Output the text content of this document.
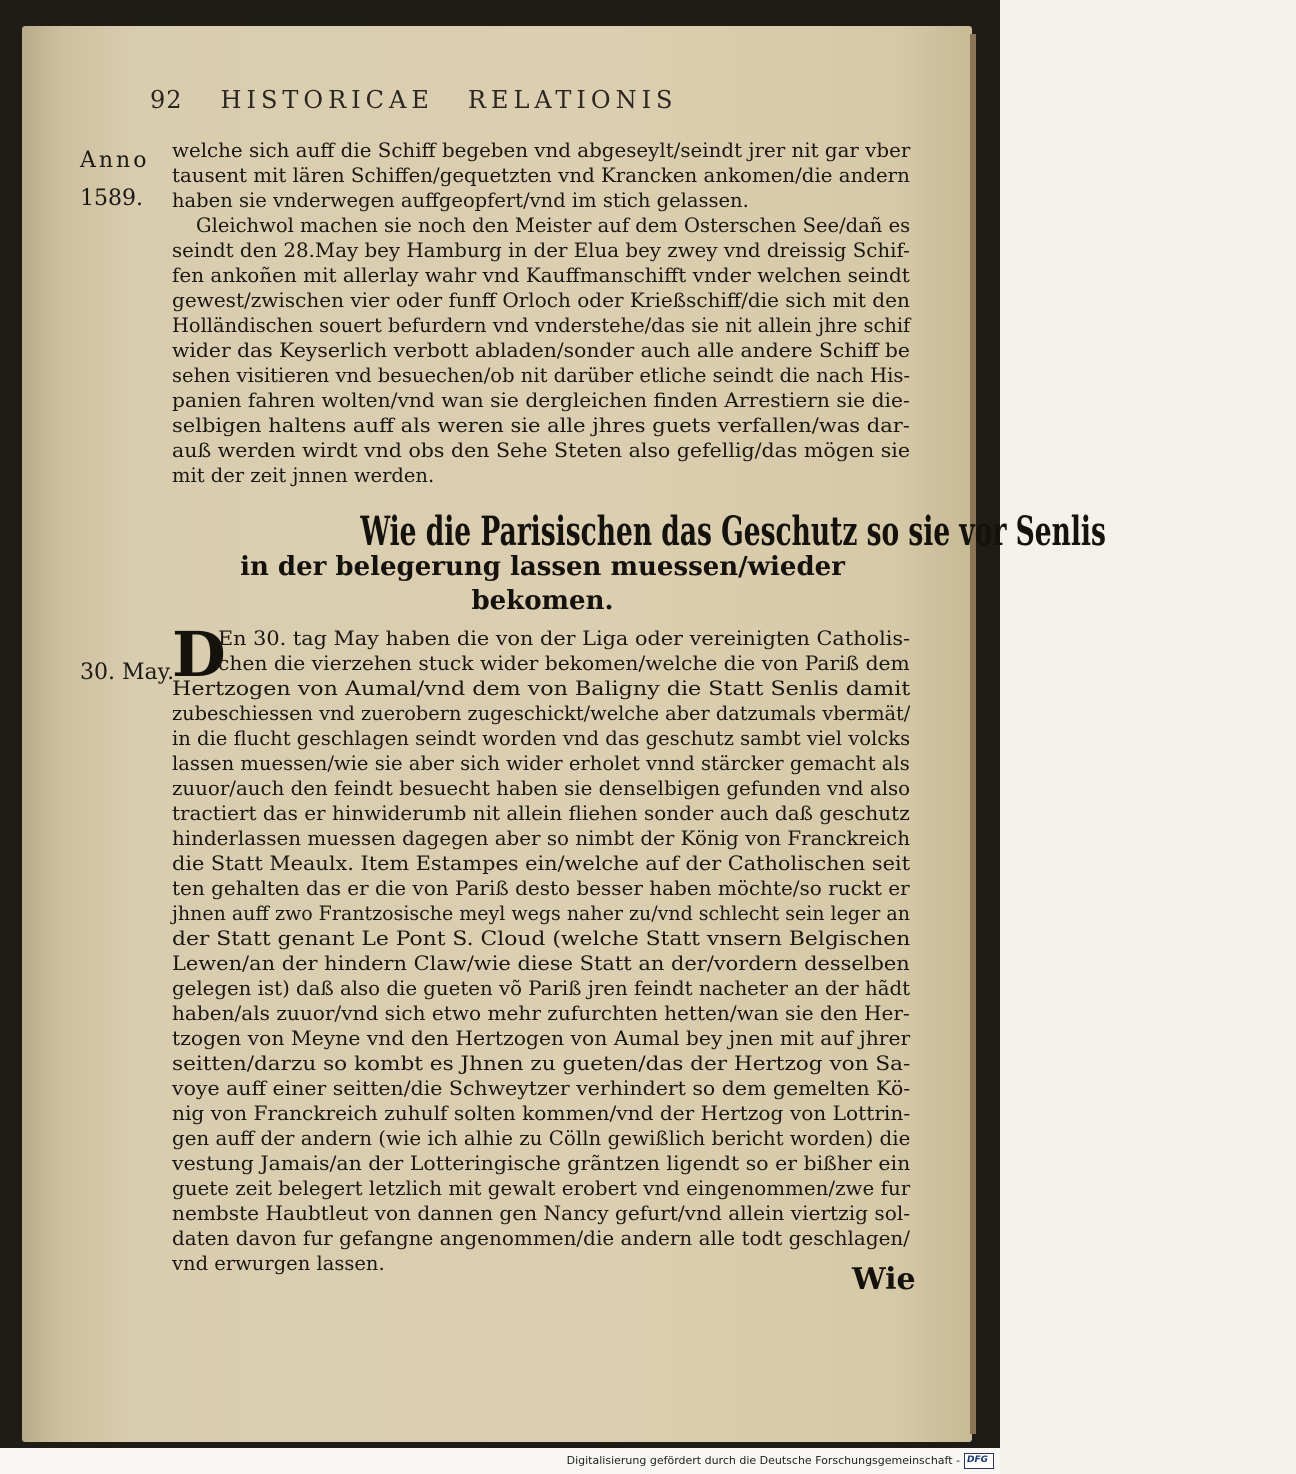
92 HISTORICAE RELATIONIS
Anno
1589.
30. May.
welche sich auff die Schiff begeben vnd abgeseylt/seindt jrer nit gar vber
tausent mit lären Schiffen/gequetzten vnd Krancken ankomen/die andern
haben sie vnderwegen auffgeopfert/vnd im stich gelassen.
Gleichwol machen sie noch den Meister auf dem Osterschen See/dañ es
seindt den 28.May bey Hamburg in der Elua bey zwey vnd dreissig Schif-
fen ankoñen mit allerlay wahr vnd Kauffmanschifft vnder welchen seindt
gewest/zwischen vier oder funff Orloch oder Krießschiff/die sich mit den
Holländischen souert befurdern vnd vnderstehe/das sie nit allein jhre schif
wider das Keyserlich verbott abladen/sonder auch alle andere Schiff be
sehen visitieren vnd besuechen/ob nit darüber etliche seindt die nach His-
panien fahren wolten/vnd wan sie dergleichen finden Arrestiern sie die-
selbigen haltens auff als weren sie alle jhres guets verfallen/was dar-
auß werden wirdt vnd obs den Sehe Steten also gefellig/das mögen sie
mit der zeit jnnen werden.
Wie die Parisischen das Geschutz so sie vor Senlis
in der belegerung lassen muessen/wieder
bekomen.
D
En 30. tag May haben die von der Liga oder vereinigten Catholis-
chen die vierzehen stuck wider bekomen/welche die von Pariß dem
Hertzogen von Aumal/vnd dem von Baligny die Statt Senlis damit
zubeschiessen vnd zuerobern zugeschickt/welche aber datzumals vbermät/
in die flucht geschlagen seindt worden vnd das geschutz sambt viel volcks
lassen muessen/wie sie aber sich wider erholet vnnd stärcker gemacht als
zuuor/auch den feindt besuecht haben sie denselbigen gefunden vnd also
tractiert das er hinwiderumb nit allein fliehen sonder auch daß geschutz
hinderlassen muessen dagegen aber so nimbt der König von Franckreich
die Statt Meaulx. Item Estampes ein/welche auf der Catholischen seit
ten gehalten das er die von Pariß desto besser haben möchte/so ruckt er
jhnen auff zwo Frantzosische meyl wegs naher zu/vnd schlecht sein leger an
der Statt genant Le Pont S. Cloud (welche Statt vnsern Belgischen
Lewen/an der hindern Claw/wie diese Statt an der/vordern desselben
gelegen ist) daß also die gueten võ Pariß jren feindt nacheter an der hãdt
haben/als zuuor/vnd sich etwo mehr zufurchten hetten/wan sie den Her-
tzogen von Meyne vnd den Hertzogen von Aumal bey jnen mit auf jhrer
seitten/darzu so kombt es Jhnen zu gueten/das der Hertzog von Sa-
voye auff einer seitten/die Schweytzer verhindert so dem gemelten Kö-
nig von Franckreich zuhulf solten kommen/vnd der Hertzog von Lottrin-
gen auff der andern (wie ich alhie zu Cölln gewißlich bericht worden) die
vestung Jamais/an der Lotteringische grãntzen ligendt so er bißher ein
guete zeit belegert letzlich mit gewalt erobert vnd eingenommen/zwe fur
nembste Haubtleut von dannen gen Nancy gefurt/vnd allein viertzig sol-
daten davon fur gefangne angenommen/die andern alle todt geschlagen/
vnd erwurgen lassen.	Wie
Digitalisierung gefördert durch die Deutsche Forschungsgemeinschaft - DFG
